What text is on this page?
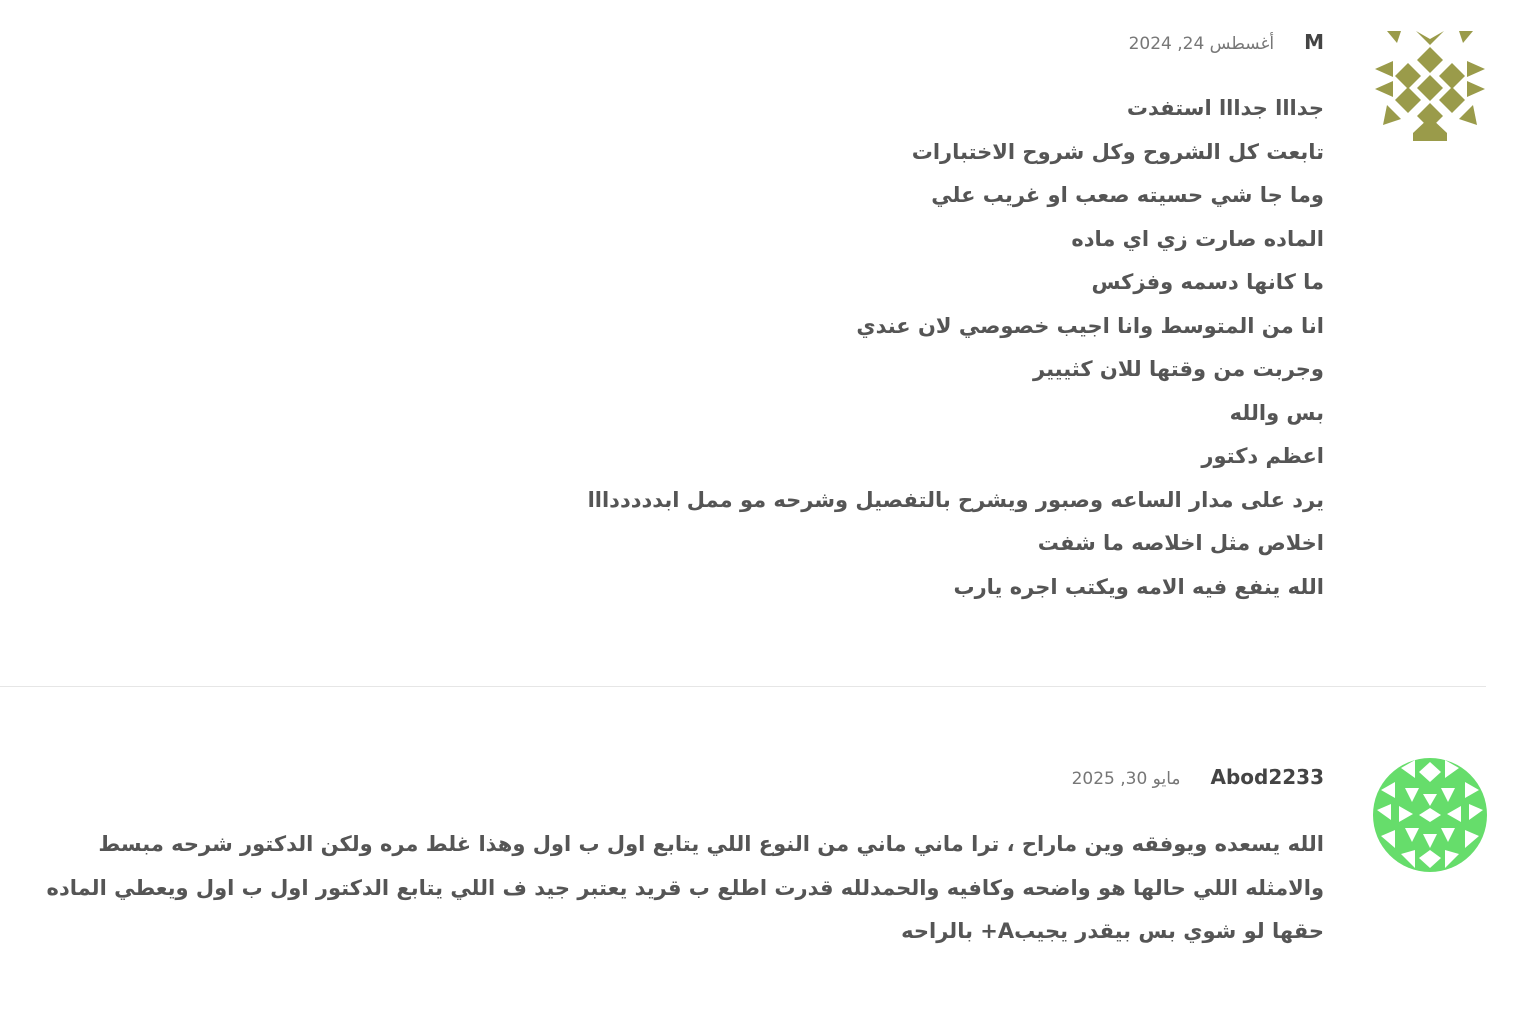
M
أغسطس 24, 2024
جدااا جدااا استفدت
تابعت كل الشروح وكل شروح الاختبارات
وما جا شي حسيته صعب او غريب علي
الماده صارت زي اي ماده
ما كانها دسمه وفزكس
انا من المتوسط وانا اجيب خصوصي لان عندي
وجربت من وقتها للان كثييير
بس والله
اعظم دكتور
يرد على مدار الساعه وصبور ويشرح بالتفصيل وشرحه مو ممل ابدددددااا
اخلاص مثل اخلاصه ما شفت
الله ينفع فيه الامه ويكتب اجره يارب
Abod2233
مايو 30, 2025
الله يسعده ويوفقه وين ماراح ، ترا ماني ماني من النوع اللي يتابع اول ب اول وهذا غلط مره ولكن الدكتور شرحه مبسط والامثله اللي حالها هو واضحه وكافيه والحمدلله قدرت اطلع ب قريد يعتبر جيد ف اللي يتابع الدكتور اول ب اول ويعطي الماده حقها لو شوي بس بيقدر يجيبA+ بالراحه
